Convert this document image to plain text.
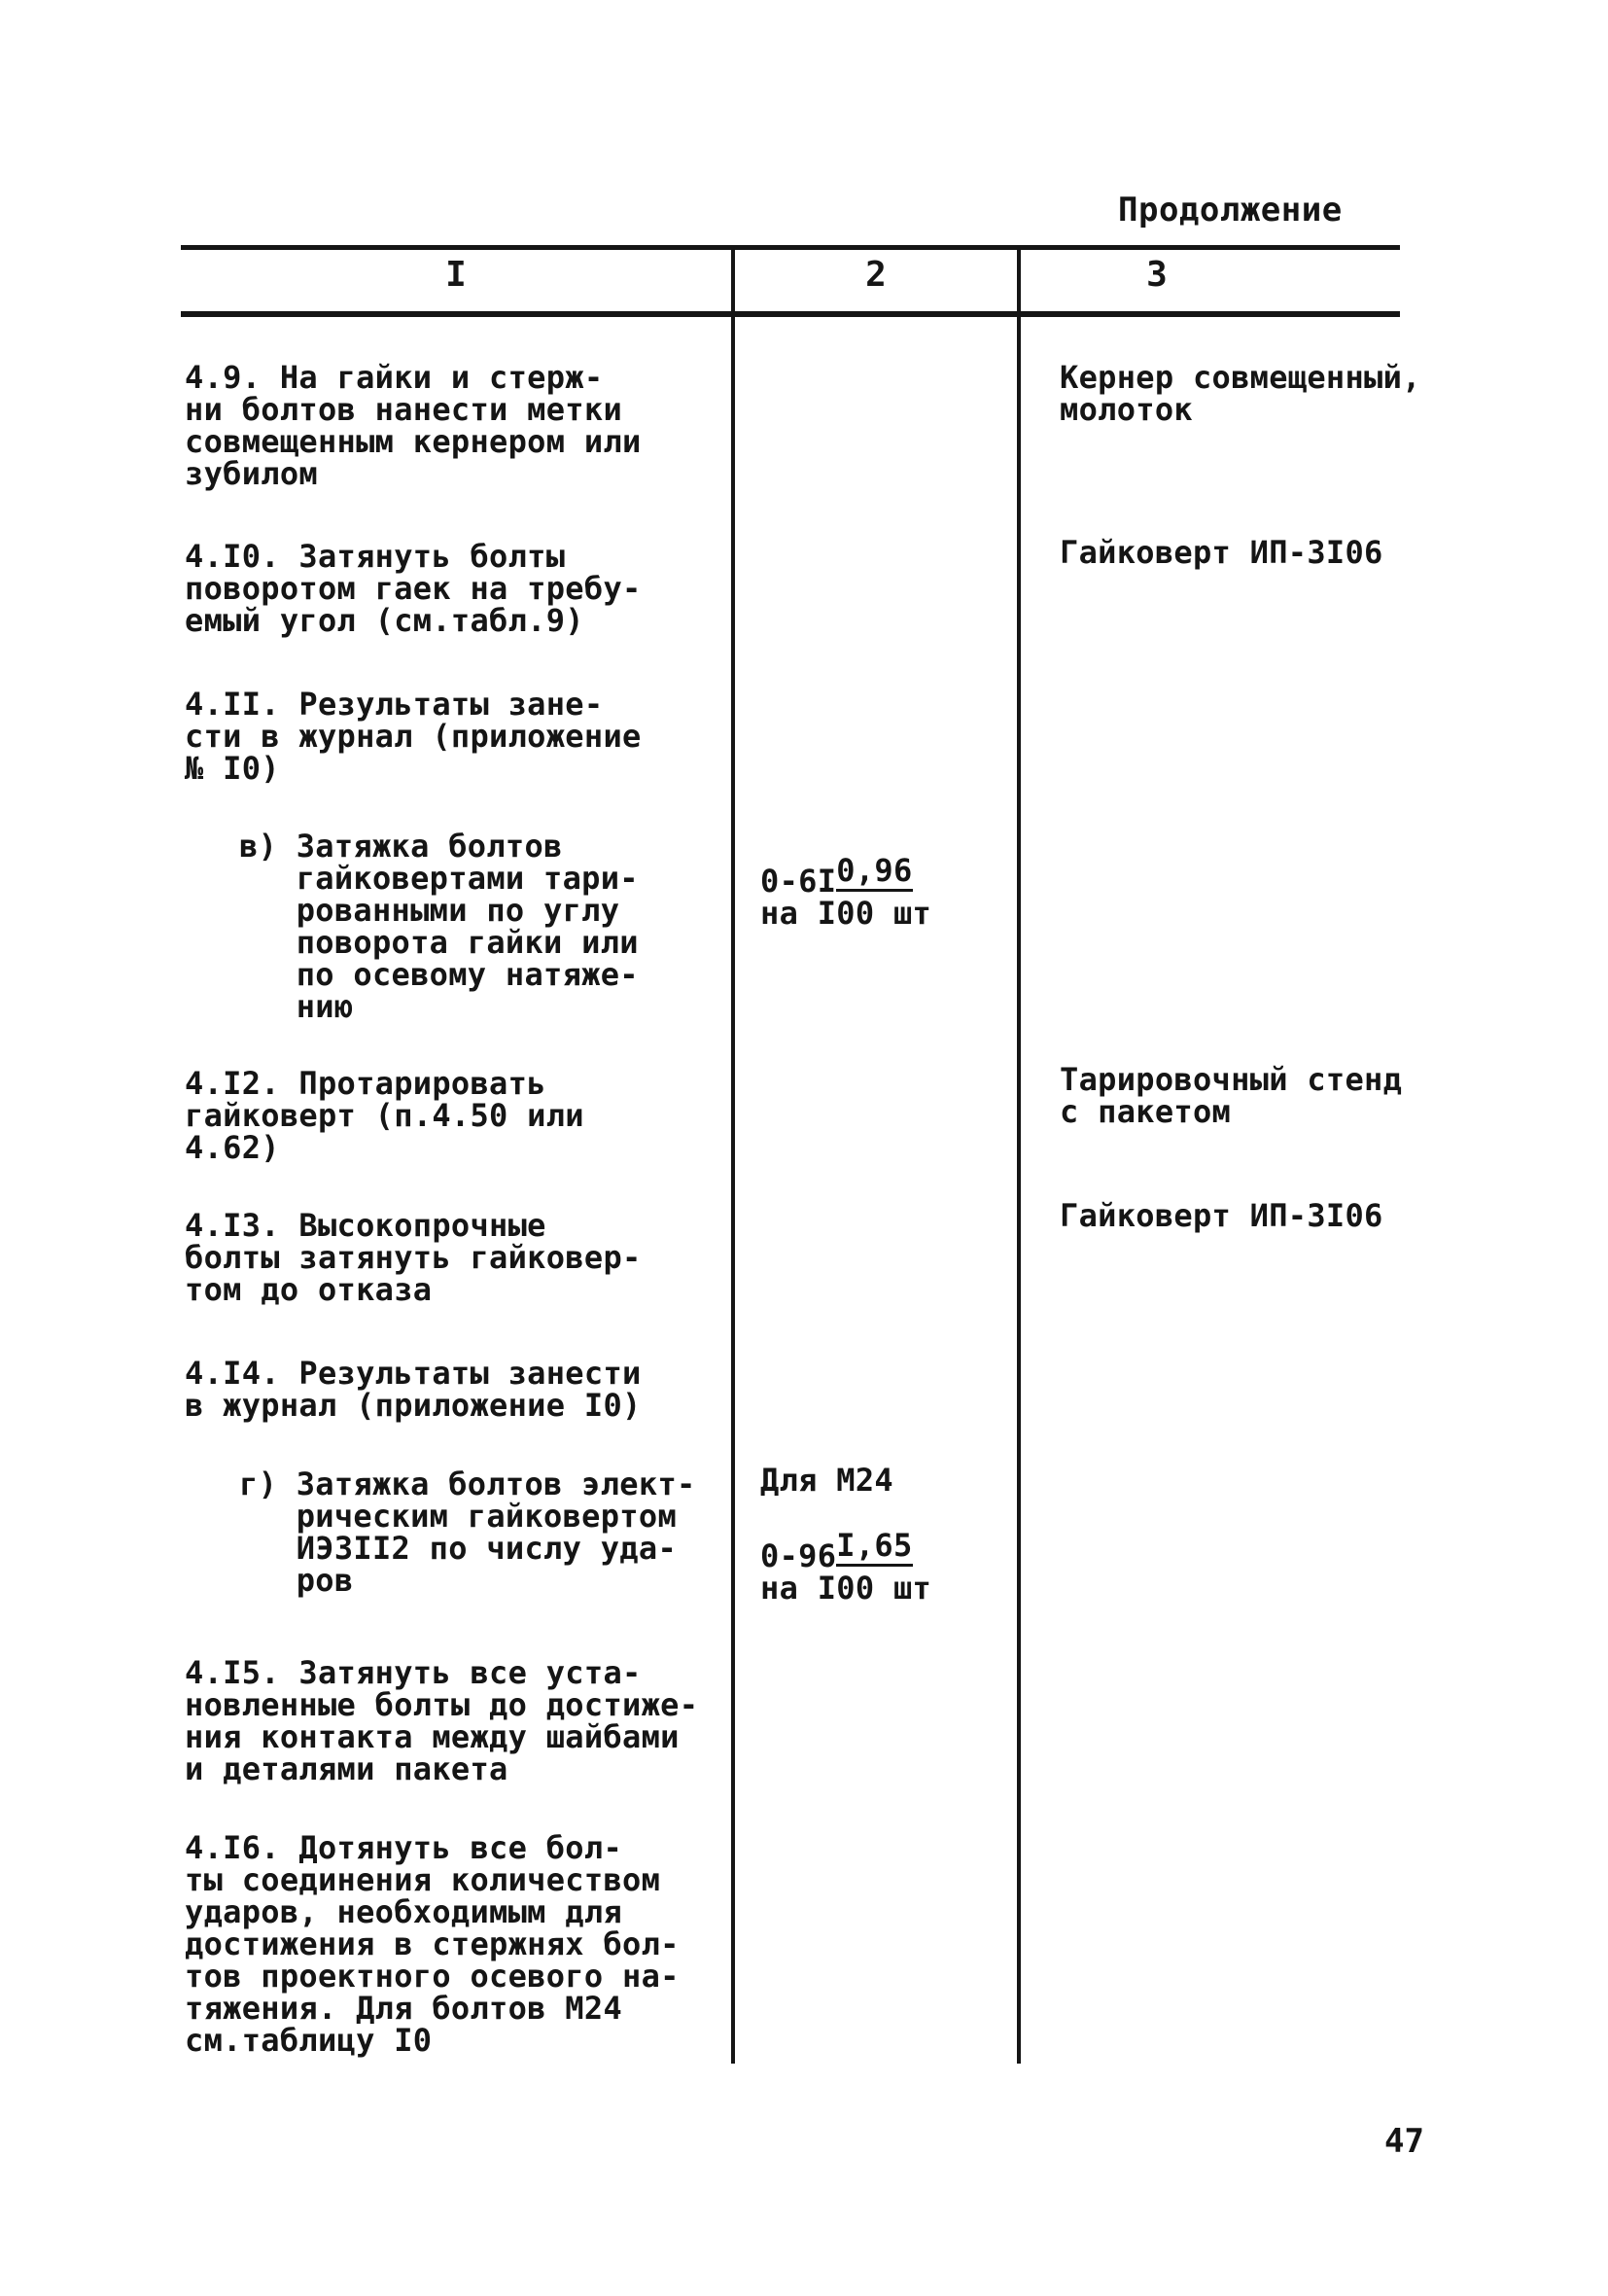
Продолжение
I	2	3
4.9. На гайки и стерж-
ни болтов нанести метки
совмещенным кернером или
зубилом
Кернер совмещенный,
молоток
4.I0. Затянуть болты
поворотом гаек на требу-
емый угол (см.табл.9)
Гайковерт ИП-3I06
4.II. Результаты зане-
сти в журнал (приложение
№ I0)
в) Затяжка болтов
гайковертами тари-
рованными по углу
поворота гайки или
по осевому натяже-
нию

0,96

0-6I
на I00 шт
4.I2. Протарировать
гайковерт (п.4.50 или
4.62)
Тарировочный стенд
с пакетом
4.I3. Высокопрочные
болты затянуть гайковер-
том до отказа
Гайковерт ИП-3I06
4.I4. Результаты занести
в журнал (приложение I0)
г) Затяжка болтов элект-
рическим гайковертом
ИЭ3II2 по числу уда-
ров
Для М24

I,65

0-96
на I00 шт
4.I5. Затянуть все уста-
новленные болты до достиже-
ния контакта между шайбами
и деталями пакета
4.I6. Дотянуть все бол-
ты соединения количеством
ударов, необходимым для
достижения в стержнях бол-
тов проектного осевого на-
тяжения. Для болтов М24
см.таблицу I0
47
